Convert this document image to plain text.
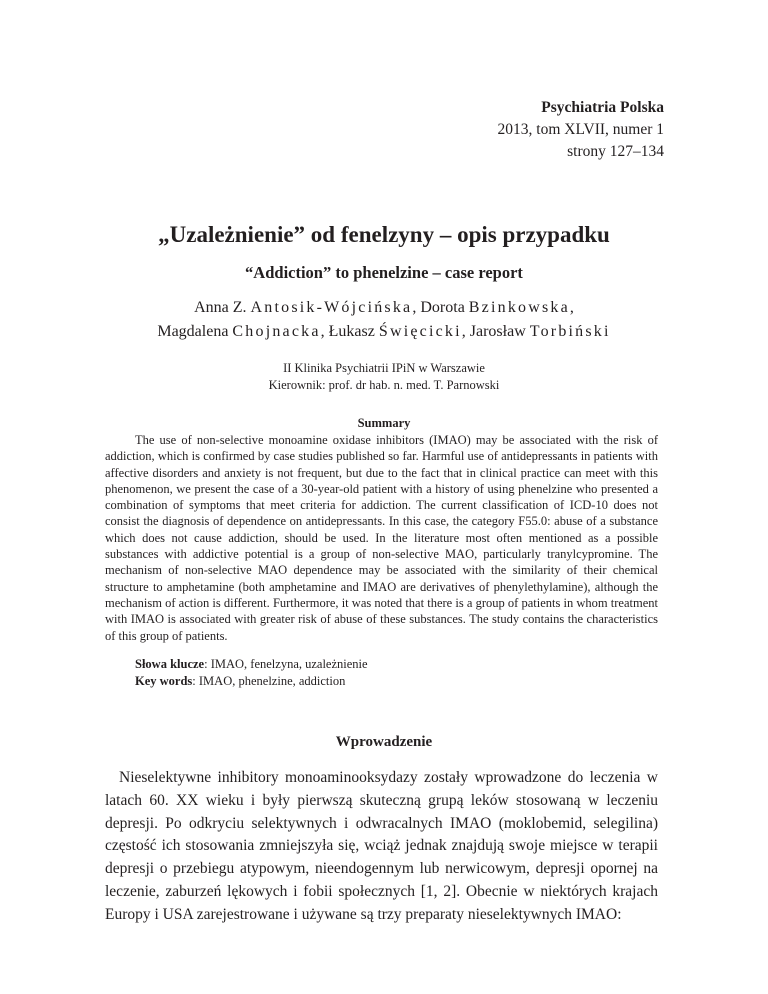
Psychiatria Polska
2013, tom XLVII, numer 1
strony 127–134
„Uzależnienie” od fenelzyny – opis przypadku
“Addiction” to phenelzine – case report
Anna Z. Antosik-Wójcińska, Dorota Bzinkowska,
Magdalena Chojnacka, Łukasz Święcicki, Jarosław Torbiński
II Klinika Psychiatrii IPiN w Warszawie
Kierownik: prof. dr hab. n. med. T. Parnowski
Summary

The use of non-selective monoamine oxidase inhibitors (IMAO) may be associated with the risk of addiction, which is confirmed by case studies published so far. Harmful use of antidepressants in patients with affective disorders and anxiety is not frequent, but due to the fact that in clinical practice can meet with this phenomenon, we present the case of a 30-year-old patient with a history of using phenelzine who presented a combination of symptoms that meet criteria for addiction. The current classification of ICD-10 does not consist the diagnosis of dependence on antidepressants. In this case, the category F55.0: abuse of a substance which does not cause addiction, should be used. In the literature most often mentioned as a possible substances with addictive potential is a group of non-selective MAO, particularly tranylcypromine. The mechanism of non-selective MAO dependence may be associated with the similarity of their chemical structure to amphetamine (both amphetamine and IMAO are derivatives of phenylethylamine), although the mechanism of action is different. Furthermore, it was noted that there is a group of patients in whom treatment with IMAO is associated with greater risk of abuse of these substances. The study contains the characteristics of this group of patients.

Słowa klucze: IMAO, fenelzyna, uzależnienie
Key words: IMAO, phenelzine, addiction
Wprowadzenie

Nieselektywne inhibitory monoaminooksydazy zostały wprowadzone do leczenia w latach 60. XX wieku i były pierwszą skuteczną grupą leków stosowaną w leczeniu depresji. Po odkryciu selektywnych i odwracalnych IMAO (moklobemid, selegilina) częstość ich stosowania zmniejszyła się, wciąż jednak znajdują swoje miejsce w terapii depresji o przebiegu atypowym, nieendogennym lub nerwicowym, depresji opornej na leczenie, zaburzeń lękowych i fobii społecznych [1, 2]. Obecnie w niektórych krajach Europy i USA zarejestrowane i używane są trzy preparaty nieselektywnych IMAO:
